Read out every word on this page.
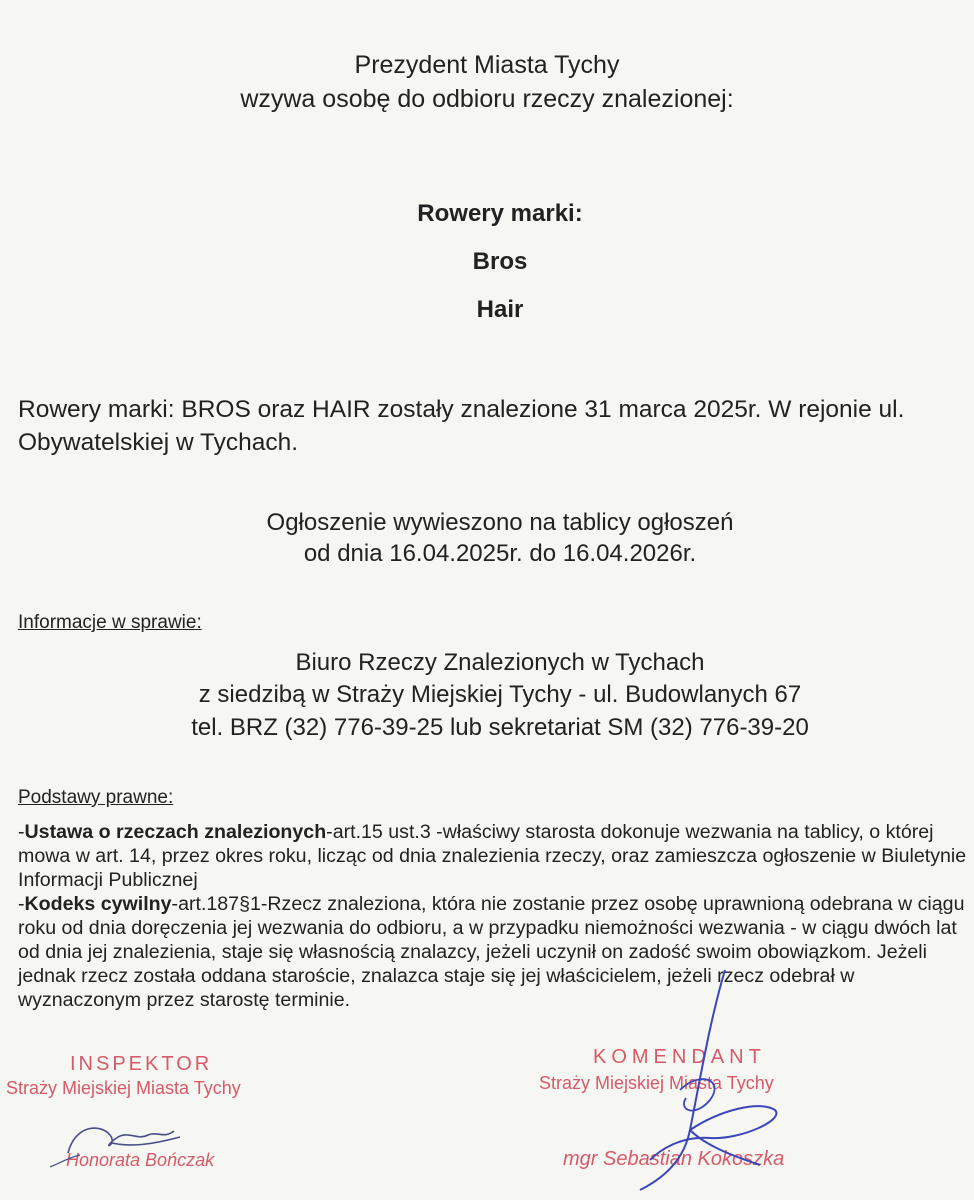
Prezydent Miasta Tychy
wzywa osobę do odbioru rzeczy znalezionej:
Rowery marki:
Bros
Hair
Rowery marki: BROS oraz HAIR zostały znalezione 31 marca 2025r. W rejonie ul. Obywatelskiej w Tychach.
Ogłoszenie wywieszono na tablicy ogłoszeń
od dnia 16.04.2025r. do 16.04.2026r.
Informacje w sprawie:
Biuro Rzeczy Znalezionych w Tychach
z siedzibą w Straży Miejskiej Tychy - ul. Budowlanych 67
tel. BRZ (32) 776-39-25 lub sekretariat SM (32) 776-39-20
Podstawy prawne:

-Ustawa o rzeczach znalezionych-art.15 ust.3 -właściwy starosta dokonuje wezwania na tablicy, o której mowa w art. 14, przez okres roku, licząc od dnia znalezienia rzeczy, oraz zamieszcza ogłoszenie w Biuletynie Informacji Publicznej

-Kodeks cywilny-art.187§1-Rzecz znaleziona, która nie zostanie przez osobę uprawnioną odebrana w ciągu roku od dnia doręczenia jej wezwania do odbioru, a w przypadku niemożności wezwania - w ciągu dwóch lat od dnia jej znalezienia, staje się własnością znalazcy, jeżeli uczynił on zadość swoim obowiązkom. Jeżeli jednak rzecz została oddana staroście, znalazca staje się jej właścicielem, jeżeli rzecz odebrał w wyznaczonym przez starostę terminie.

INSPEKTOR
Straży Miejskiej Miasta Tychy
Honorata Bończak
KOMENDANT
Straży Miejskiej Miasta Tychy
mgr Sebastian Kokoszka
